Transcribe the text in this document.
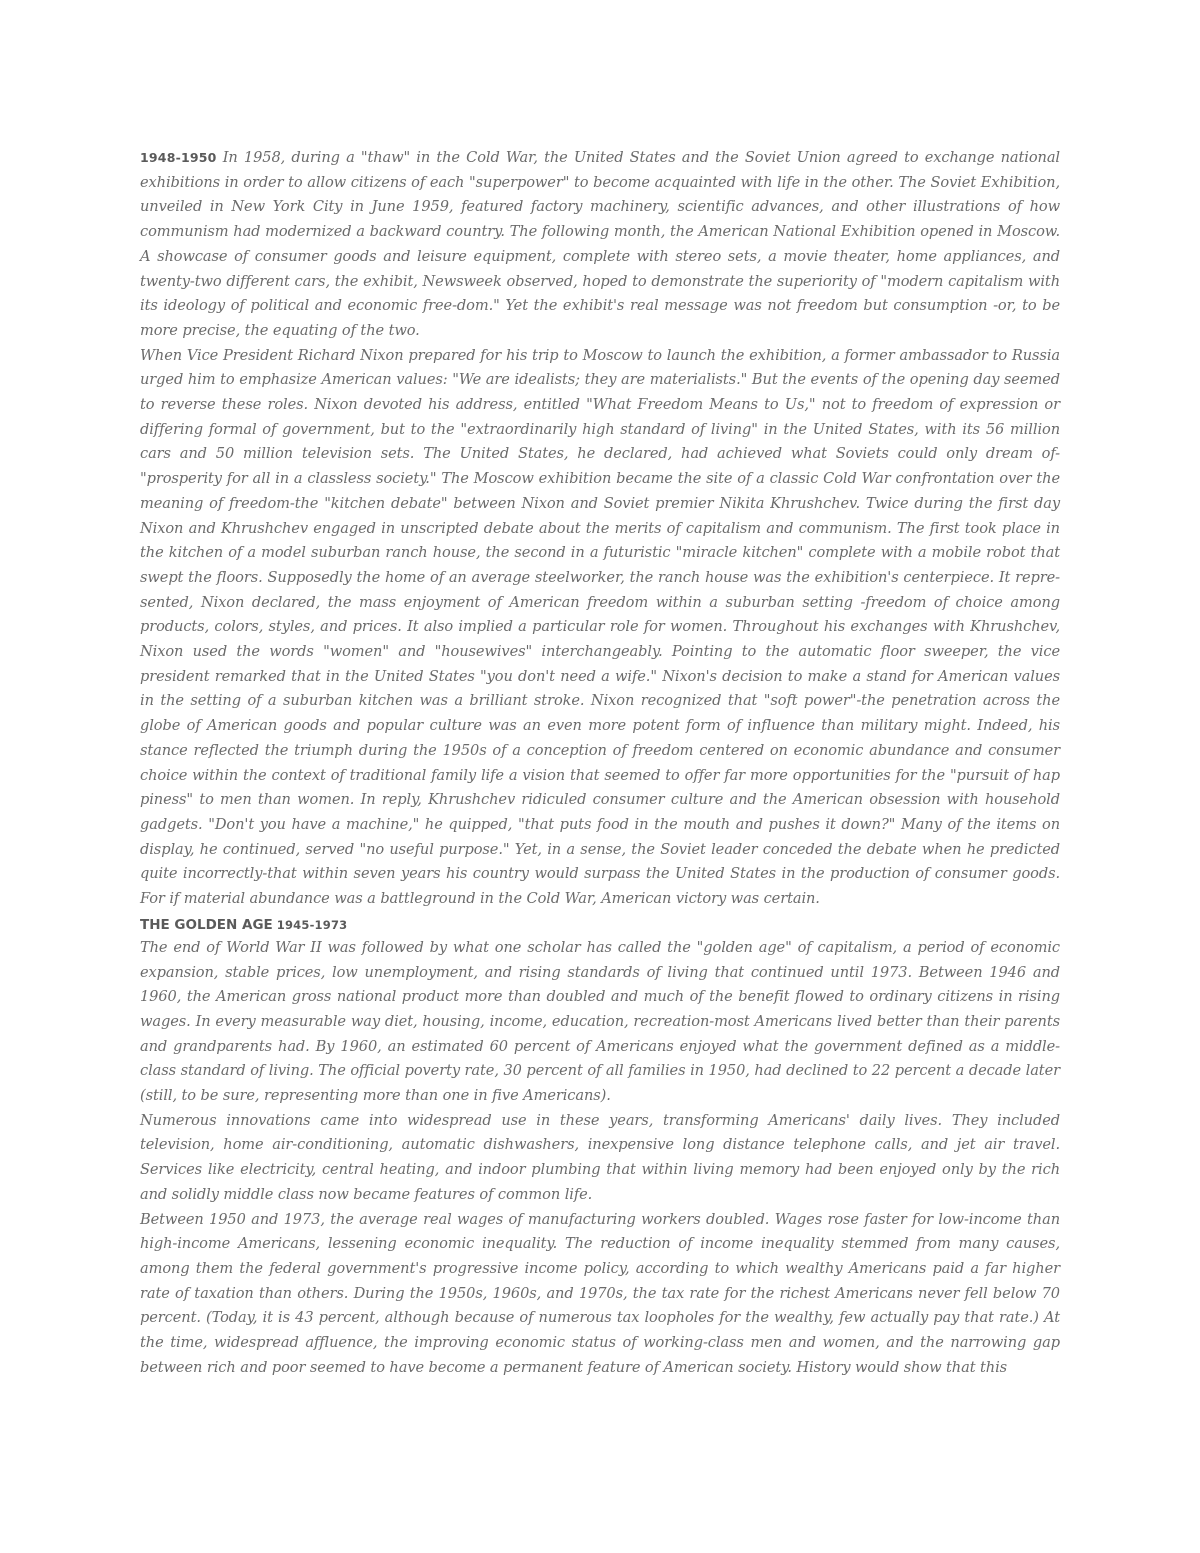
1948-1950 In 1958, during a "thaw" in the Cold War, the United States and the Soviet Union agreed to exchange national exhibitions in order to allow citizens of each "superpower" to become acquainted with life in the other. The Soviet Exhibition, unveiled in New York City in June 1959, featured factory machinery, scientific advances, and other illustrations of how communism had modernized a backward country. The following month, the American National Exhibition opened in Moscow. A showcase of consumer goods and leisure equipment, complete with stereo sets, a movie theater, home appliances, and twenty-two different cars, the exhibit, Newsweek observed, hoped to demonstrate the superiority of "modern capitalism with its ideology of political and economic free-dom." Yet the exhibit's real message was not freedom but consumption -or, to be more precise, the equating of the two.

When Vice President Richard Nixon prepared for his trip to Moscow to launch the exhibition, a former ambassador to Russia urged him to emphasize American values: "We are idealists; they are materialists." But the events of the opening day seemed to reverse these roles. Nixon devoted his address, entitled "What Freedom Means to Us," not to freedom of expression or differing formal of government, but to the "extraordinarily high standard of living" in the United States, with its 56 million cars and 50 million television sets. The United States, he declared, had achieved what Soviets could only dream of-"prosperity for all in a classless society." The Moscow exhibition became the site of a classic Cold War confrontation over the meaning of freedom-the "kitchen debate" between Nixon and Soviet premier Nikita Khrushchev. Twice during the first day Nixon and Khrushchev engaged in unscripted debate about the merits of capitalism and communism. The first took place in the kitchen of a model suburban ranch house, the second in a futuristic "miracle kitchen" complete with a mobile robot that swept the floors. Supposedly the home of an average steelworker, the ranch house was the exhibition's centerpiece. It repre-sented, Nixon declared, the mass enjoyment of American freedom within a suburban setting -freedom of choice among products, colors, styles, and prices. It also implied a particular role for women. Throughout his exchanges with Khrushchev, Nixon used the words "women" and "housewives" interchangeably. Pointing to the automatic floor sweeper, the vice president remarked that in the United States "you don't need a wife." Nixon's decision to make a stand for American values in the setting of a suburban kitchen was a brilliant stroke. Nixon recognized that "soft power"-the penetration across the globe of American goods and popular culture was an even more potent form of influence than military might. Indeed, his stance reflected the triumph during the 1950s of a conception of freedom centered on economic abundance and consumer choice within the context of traditional family life a vision that seemed to offer far more opportunities for the "pursuit of hap piness" to men than women. In reply, Khrushchev ridiculed consumer culture and the American obsession with household gadgets. "Don't you have a machine," he quipped, "that puts food in the mouth and pushes it down?" Many of the items on display, he continued, served "no useful purpose." Yet, in a sense, the Soviet leader conceded the debate when he predicted quite incorrectly-that within seven years his country would surpass the United States in the production of consumer goods. For if material abundance was a battleground in the Cold War, American victory was certain.

THE GOLDEN AGE 1945-1973

The end of World War II was followed by what one scholar has called the "golden age" of capitalism, a period of economic expansion, stable prices, low unemployment, and rising standards of living that continued until 1973. Between 1946 and 1960, the American gross national product more than doubled and much of the benefit flowed to ordinary citizens in rising wages. In every measurable way diet, housing, income, education, recreation-most Americans lived better than their parents and grandparents had. By 1960, an estimated 60 percent of Americans enjoyed what the government defined as a middle-class standard of living. The official poverty rate, 30 percent of all families in 1950, had declined to 22 percent a decade later (still, to be sure, representing more than one in five Americans).

Numerous innovations came into widespread use in these years, transforming Americans' daily lives. They included television, home air-conditioning, automatic dishwashers, inexpensive long distance telephone calls, and jet air travel. Services like electricity, central heating, and indoor plumbing that within living memory had been enjoyed only by the rich and solidly middle class now became features of common life.

Between 1950 and 1973, the average real wages of manufacturing workers doubled. Wages rose faster for low-income than high-income Americans, lessening economic inequality. The reduction of income inequality stemmed from many causes, among them the federal government's progressive income policy, according to which wealthy Americans paid a far higher rate of taxation than others. During the 1950s, 1960s, and 1970s, the tax rate for the richest Americans never fell below 70 percent. (Today, it is 43 percent, although because of numerous tax loopholes for the wealthy, few actually pay that rate.) At the time, widespread affluence, the improving economic status of working-class men and women, and the narrowing gap between rich and poor seemed to have become a permanent feature of American society. History would show that this
